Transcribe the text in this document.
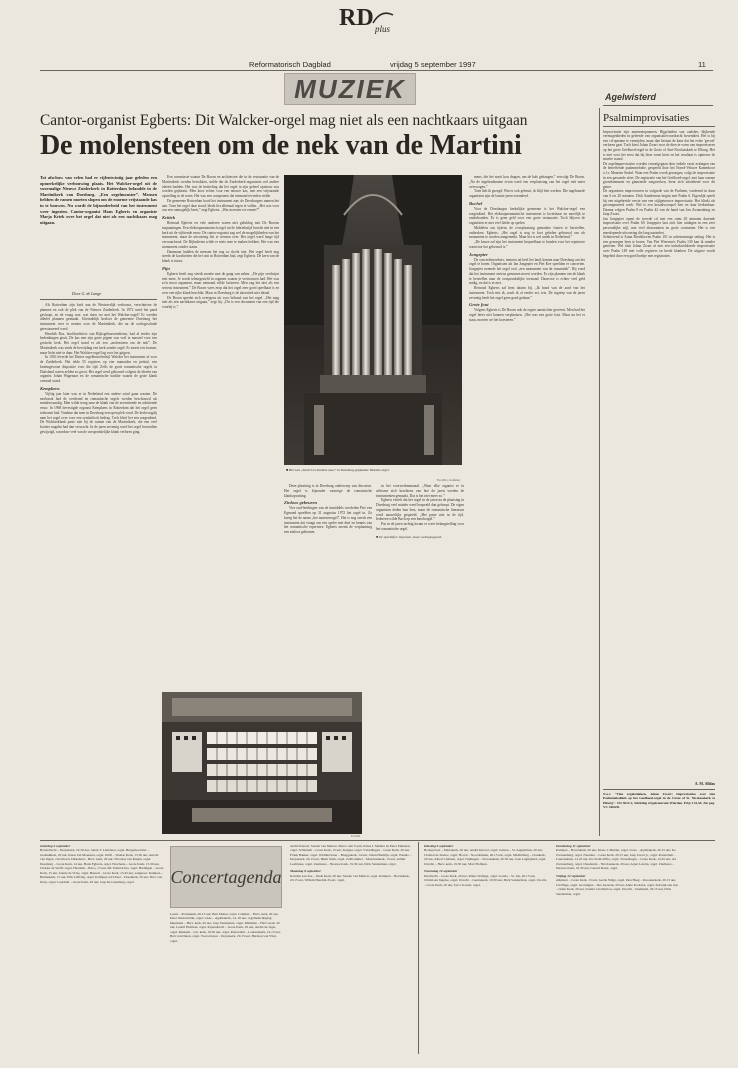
RD plus
Reformatorisch Dagblad	vrijdag 5 september 1997	11
MUZIEK	Agelwisterd
Cantor-organist Egberts: Dit Walcker-orgel mag niet als een nachtkaars uitgaan
De molensteen om de nek van de Martini
Tot afschuw van velen had er vijfentwintig jaar geleden een opmerkelijke verbouwing plaats. Het Walcker-orgel uit de voormalige Nieuwe Zuiderkerk in Rotterdam belandde in de Martinikerk van Doesburg. „Een orgelmonster”. Mensen hebben de ramen moeten slopen om de enorme vrijstaande kas in te bouwen. Nu wordt de bijzonderheid van het instrument weer ingezien. Cantor-organist Hans Egberts en organiste Marja Kriek over het orgel dat niet als een nachtkaars mag uitgaan.
Door G. de Lange

Als Rotterdam zijn kerk aan de Westzeedijk verbouwt, verschuiven de plannen en ook de plek van de Nieuwe Zuiderkerk. In 1972 werd het pand gesloopt, en de vraag was: wat doen we met het Walcker-orgel? Er werden allerlei plannen gemaakt. Uiteindelijk besloot de gemeente Doesburg het instrument over te nemen voor de Martinikerk, die na de oorlogsschade gerestaureerd werd.

Hendrik Bos, hoofdarchitect van Rijksgebouwendienst, had al eerder zijn bedenkingen geuit. De kas met zijn grote pijpen was veel te massief voor een gotische kerk. Het orgel stond er als een „molensteen om de nek”. De Martinikerk was sinds de bevrijding een kerk zonder orgel. Er moest iets komen, maar liefst niet te duur. Het Walcker-orgel lag voor het grijpen.

In 1916 leverde het Duitse orgelbouwbedrijf Walcker het instrument af voor de Zuiderkerk. Het telde 55 registers op vier manualen en pedaal, een buitengewone dispositie voor die tijd. Zelfs de grote romantische orgels in Duitsland waren zelden zo groot. Het orgel werd gebouwd volgens de ideeën van organist Johan Wagenaar en de romantische traditie waarin de grote klank centraal stond.

Kempkens

Vijftig jaar later was er in Nederland een andere wind gaan waaien. De neobarok had de overhand en romantische orgels werden beschouwd als minderwaardig. Men wilde terug naar de klank van de zeventiende en achttiende eeuw. In 1968 bevestigde organist Kempkens in Rotterdam dat het orgel geen toekomst had. Vandaar dat men in Doesburg een open plek vond. De kerkvoogdij nam het orgel over voor een symbolisch bedrag. Toch bleef het een zorgenkind. De Walckerklank paste niet bij de ruimte van de Martinikerk, die een veel kortere nagalm had dan verwacht. In de jaren zeventig werd het orgel bovendien gewijzigd, waardoor veel van de oorspronkelijke klank verloren ging.

Een commissie waarin De Boorn en architecten die in de restauratie van de Martinikerk werden betrokken, stelde dat de Zuiderkerk-organisten wel andere ideeën hadden. Het was de bedoeling dat het orgel in zijn geheel opnieuw zou worden geplaatst. Men koos echter voor een nieuwe kas, met een vrijstaande opstelling in de toren. Het was een compromis dat niemand tevreden stelde.

De gemeente Rotterdam bood het instrument aan; de Doesburgers namen het aan. Toen het orgel daar stond, bleek het allemaal tegen te vallen. „Het was voor ons een onmogelijk bezit,” zegt Egberts. „Wat moesten we ermee?”

Kritiek

Reinoud Egberts en vele anderen waren niet gelukkig met De Boorns inspanningen. Een elektropneumatisch orgel uit de fabriekstijd hoorde niet in een kerk uit de vijftiende eeuw. De cantor-organist zag wel de mogelijkheden van het instrument, maar de uitvoering liet te wensen over. Het orgel werd lange tijd verwaarloosd. De Rijksdienst wilde er niets mee te maken hebben. Het was een monument zonder status.

Dansmaar hadden de mensen het nog zo slecht niet. Het orgel heeft nog steeds de kwaliteiten die het ooit in Rotterdam had, zegt Egberts. De kern van de klank is intact.

Pijn

Egberts heeft nog steeds moeite met de gang van zaken. „De pijn verdwijnt niet meer. Je wordt teleurgesteld in organen waarin je vertrouwen had. Het was zo'n mooi argument, maar niemand wilde luisteren. Men zag het niet als een serieus instrument.” De Boorn wees erop dat het orgel zeer goed speelbaar is en over een rijke klank beschikt. Maar in Doesburg is de akoestiek niet ideaal.

De Boorn spreekt zich overigens uit voor behoud van het orgel. „Het mag niet als een nachtkaars uitgaan,” zegt hij. „Dit is een document van een tijd die voorbij is.”

■ Het was „bochel en kromme neus” in Doesburg geplaatste Walcker-orgel.
Foto RD, J. Koffeman

Deze plaatsing is in Doesburg onderwerp van discussie. Het orgel is bijzonder vanwege de romantische klankopvatting.

Zinloos gebeuren

Vier oud-leerlingen van de inmiddels overleden Piet van Egmond speelden op 31 augustus 1972 het orgel in. Zo kreeg het de naam „het monsterorgel”. Het is nog steeds een instrument dat vraagt om een speler met durf en kennis van het romantische repertoire. Egberts noemt de verplaatsing een zinloos gebeuren.

in het voorwerkmanuaal. „Waar elke organist er in adviseur zich krachtens van hoe de jaren werden de instrumenten gemaakt. Dat is het niet meer zo.”

Egberts vertelt dat het orgel in de jaren na de plaatsing in Doesburg veel minder werd bespeeld dan gehoopt. De eigen organisten deden hun best, maar de romantische literatuur werd nauwelijks gespeeld. „Het paste niet in de tijd. Iedereen wilde Bach op een barokorgel.”

Pas in de jaren tachtig kwam er weer belangstelling voor het romantische orgel.

■ De speeltafel: imposant, maar weinigzeggend.
Foto RD

mens, die het nooit kon dragen, om de hals gehangen,” vervolgt De Boorn. „Na de ingebruikname ervan werd een verplaatsing van het orgel niet meer overwogen.”

Toen heb ik gezegd: Wat er ook gebeurt, ik blijf hier werken. Die ingehuurde organisten zijn de laatste jaren veranderd.

Bochel

Voor de Doesburgse kerkelijke gemeente is het Walcker-orgel een zorgenkind. Het elektropneumatische instrument is kwetsbaar en moeilijk te onderhouden. Er is geen geld voor een grote restauratie. Toch blijven de organisten er met veel liefde op spelen.

Middelen om tijdens de overplaatsing gemaakte fouten te herstellen, ontbreken. Egberts: „Het orgel is nog te kort geleden gebouwd om als monument te worden aangemerkt. Maar het is wel uniek in Nederland.”

„De keuze zal zijn het instrument bespeelbaar te houden voor het repertoire waarvoor het gebouwd is.”

Jongepier

De concertbezoekers, mensen uit heel het land, komen naar Doesburg om het orgel te horen. Organisten als Jan Jongepier en Piet Kee speelden er concerten. Jongepier noemde het orgel ooit „een monument van de romantiek”. Hij vond dat het instrument serieus genomen moest worden. Er zijn plannen om de klank te herstellen naar de oorspronkelijke toestand. Daarvoor is echter veel geld nodig, en dat is er niet.

Reinoud Egberts zal hem daarin bij. „Ik houd van de aard van het instrument. Toch mis ik, zoals ik al eerder zei, iets. De ingreep van de jaren zeventig heeft het orgel geen goed gedaan.”

Grote fout

Volgens Egberts is De Boorn ook de ergste aanstichter geweest. Men had het orgel beter niet kunnen verplaatsen. „Het was een grote fout. Maar nu het er staat, moeten we het koesteren.”

Psalmimprovisaties

Improvisatie zijn momentopnamen. Bijgeluiden van oudsher, blijkende vermogenheden in geleerde van organisatievoordracht bovendien. Het is bij een cd-opname te vermijden, maar dan bestaat de kans dat het echte 'gevoel' verloren gaat. Toch kiest Johan Zwart voor de directe vorm van improviseren op het grote Geelhoed-orgel in de Grote of Sint-Nicolaaskerk te Elburg. Het is niet voor het eerst dat hij deze vorm kiest en het resultaat is opnieuw de moeite waard.

De orgelimprovisaties worden voorafgegaan door enkele vaste zettingen van de betreffende psalmmelodie, gespeeld door het Noord-Veluwe Kamerkoor o.l.v. Maarten Stokel. Waar een Psalm wordt gezongen, volgt de improvisatie in een passende sfeer. De registratie van het Geelhoed-orgel, met haar warme grondstemmen en glanzende tongwerken, leent zich uitstekend voor dit genre.

De organisten improviseren in volgorde van de Psalmen, variërend in duur van 6 tot 20 minuten. Dick Sanderman begint met Psalm 6. Eigenlijk speelt hij een uitgebreide versie van een stijlgetrouwe improvisatie. Het klinkt als gecomponeerd werk. Wel is een koraalvoorspel hier en daar herkenbaar. Daarna volgen Psalm 8 en Psalm 42 van de hand van Jan Zwanenburg en Jaap Zwart.

Jan Jongepier opent de tweede cd met een ruim 20 minuten durende improvisatie over Psalm 69. Jongepier laat zich hier uitdagen in een zeer persoonlijke stijl, met veel dissonanten en grote contrasten. Het is een meeslepende uitvoering die lang nazindert.

Schitterend is Arian Broekhoven Psalm 101 in achtstemmige setting. Het is een genoegen hem te horen. Van Piet Wiersma's Psalm 130 kan ik minder genieten. Wel sluit Johan Zwart af met een indrukwekkende improvisatie over Psalm 149 met volle registers en brede klanken. De uitgave wordt begeleid door een goed boekje met registraties.

A. M. Alblas
N.a.v. "Tien orgelstukken, Johan Zwart; Improvisaties over tien Psalmmelodieën op het Geelhoed-orgel in de Grote of St. Nicolaaskerk te Elburg". CD 3014-2, Stichting Orgelcentrum Wierden. Prijs f 32,50. Zie pag. VC 3464/R.
Zaterdag 6 september
Barendrecht – Dorpskerk, 19.30 uur, Johan T. Lemckert, orgel. Burgerkwartier – Gedenkhuis, 20 uur, Klaas Jan Moeuzen, orgel. Delft – Waalse Kerk, 15.30 uur, Arnold van Ingen, clavichord. Dirksland – Herv. kerk, 20 uur, Nicolaas van Ruijen, orgel. Doesburg – Grote Kerk, 14 uur, Hans Egberts, orgel. Enschede – Grote Kerk, 15.30 uur, Charles de Wolff, orgel. Haarlem – Bavo, 15 uur, Mr. Pallavicino, orgel. Harlingen – Grote Kerk, 15 uur, Jannie de Vries, orgel. Hasselt – Grote Kerk, 15.45 uur, zangkoor. Kampen – Buitenkerk, 15 uur, Erik Leffring, orgel. Krimpen a/d IJssel – IJsselkerk, 20 uur, Dico van Dorp, orgel. Leerdam – Grote Kerk, 20 uur, Jaap Kroonenburg, orgel.	Concertagenda
Leens – Petruskerk, 20.15 uur, Bert Matter, orgel. Lemmer – Herv. kerk, 20 uur, Peter Westerbrink, orgel. Lisse – Agathakerk, 14–18 uur, orgelbezichtiging. Meerkerk – Herv. kerk, 20 uur, Jaap Vermeulen, orgel. Middelie – Herv. kerk, 20 uur, Ludolf Hofman, orgel. Papendrecht – Grote Kerk, 20 uur, André de Jager, orgel. Renkum – Grt. kerk, 19.30 uur, orgel. Rotterdam – Laurenskerk, 14.15 uur, Bert van Dalen, orgel. Voorschoten – Dorpskerk, 20.15 uur, Herman van Vliet, orgel.
André Knevel, Sander van Marion. Marco den Toom, Klaas J. Mulder en Peter Eikenaar, orgel. Schiedam – Grote Kerk, 15 uur, Kuijper, orgel. Vlaardingen – Grote Kerk, 20 uur, Frank Bakker, orgel. Waddinxveen – Bruggekerk, 14 uur, Johan Hermijn, orgel. Wezelo – Dorpskerk, 20.15 uur, Henk Stam, orgel. Zaltbommel – Maartenskerk, 15 uur, Arthur Leefmans, orgel. Zierikzee – Nieuwe Kerk, 19.30 uur, Dick Sanderman, orgel.
Maandag 8 september
Katwijk aan Zee – Oude Kerk, 20 uur, Sander van Marion, orgel. Kampen – Bovenkerk, 20.15 uur, Willem Hendrik Zwart, orgel.
Dinsdag 9 september
Bodegraven – Mariakerk, 20 uur, André Knevel, orgel. Gelsen – St. Augustinus, 20 uur, Chantal de Zeeuw, orgel. Hoorn – Noorderkerk, 20.15 uur, orgel. Middelburg – Oostkerk, 20 uur, Albert Clement, orgel. Nijmegen – Stevenskerk, 20.30 uur, Jean Lugtigheid, orgel. Utrecht – Herv. kerk, 19.30 uur, Mart Hofman.
Woensdag 10 september
Dordrecht – Grote Kerk, 20 uur, Rinus Verhage, orgel. Gouda – St. Jan, 20.15 uur, Christiaan Ingelse, orgel. Utrecht – Geertekerk, 19.30 uur, Dick Sanderman, orgel. Zwolle – Grote Kerk, 20 uur, Jan J. Koster, orgel.
Donderdag 11 september
Kampen – Bovenkerk, 20 uur, Klaas J. Mulder, orgel. Lisse – Agathakerk, 20.15 uur, Ko Zwanenburg, orgel. Naarden – Grote Kerk, 20.15 uur, Jaap Zwart jr., orgel. Rotterdam – Laurenskerk, 12.45 uur, Ine Stam-Witte, orgel. Vlaardingen – Grote Kerk, 12.45 uur, Ad Zwanenburg, orgel. IJsselstein – Nicolaaskerk, 20 uur, Arjen Leistra, orgel. Zierikzee – Nieuwe Kerk, 19.30 uur, Gerard Roest, orgel.
Vrijdag 12 september
Alkmaar – Grote Kerk, 13 uur, Gerda Stilgé, orgel. Den Haag – Kloosterkerk, 20.15 uur, Jan Hage, orgel. Groningen – Der Aa-kerk, 20 uur, Anne Kooistra, orgel. Katwijk aan Zee – Oude Kerk, 20 uur, Sander van Marion, orgel. Utrecht – Domkerk, 20.15 uur, Dick Sanderman, orgel.
